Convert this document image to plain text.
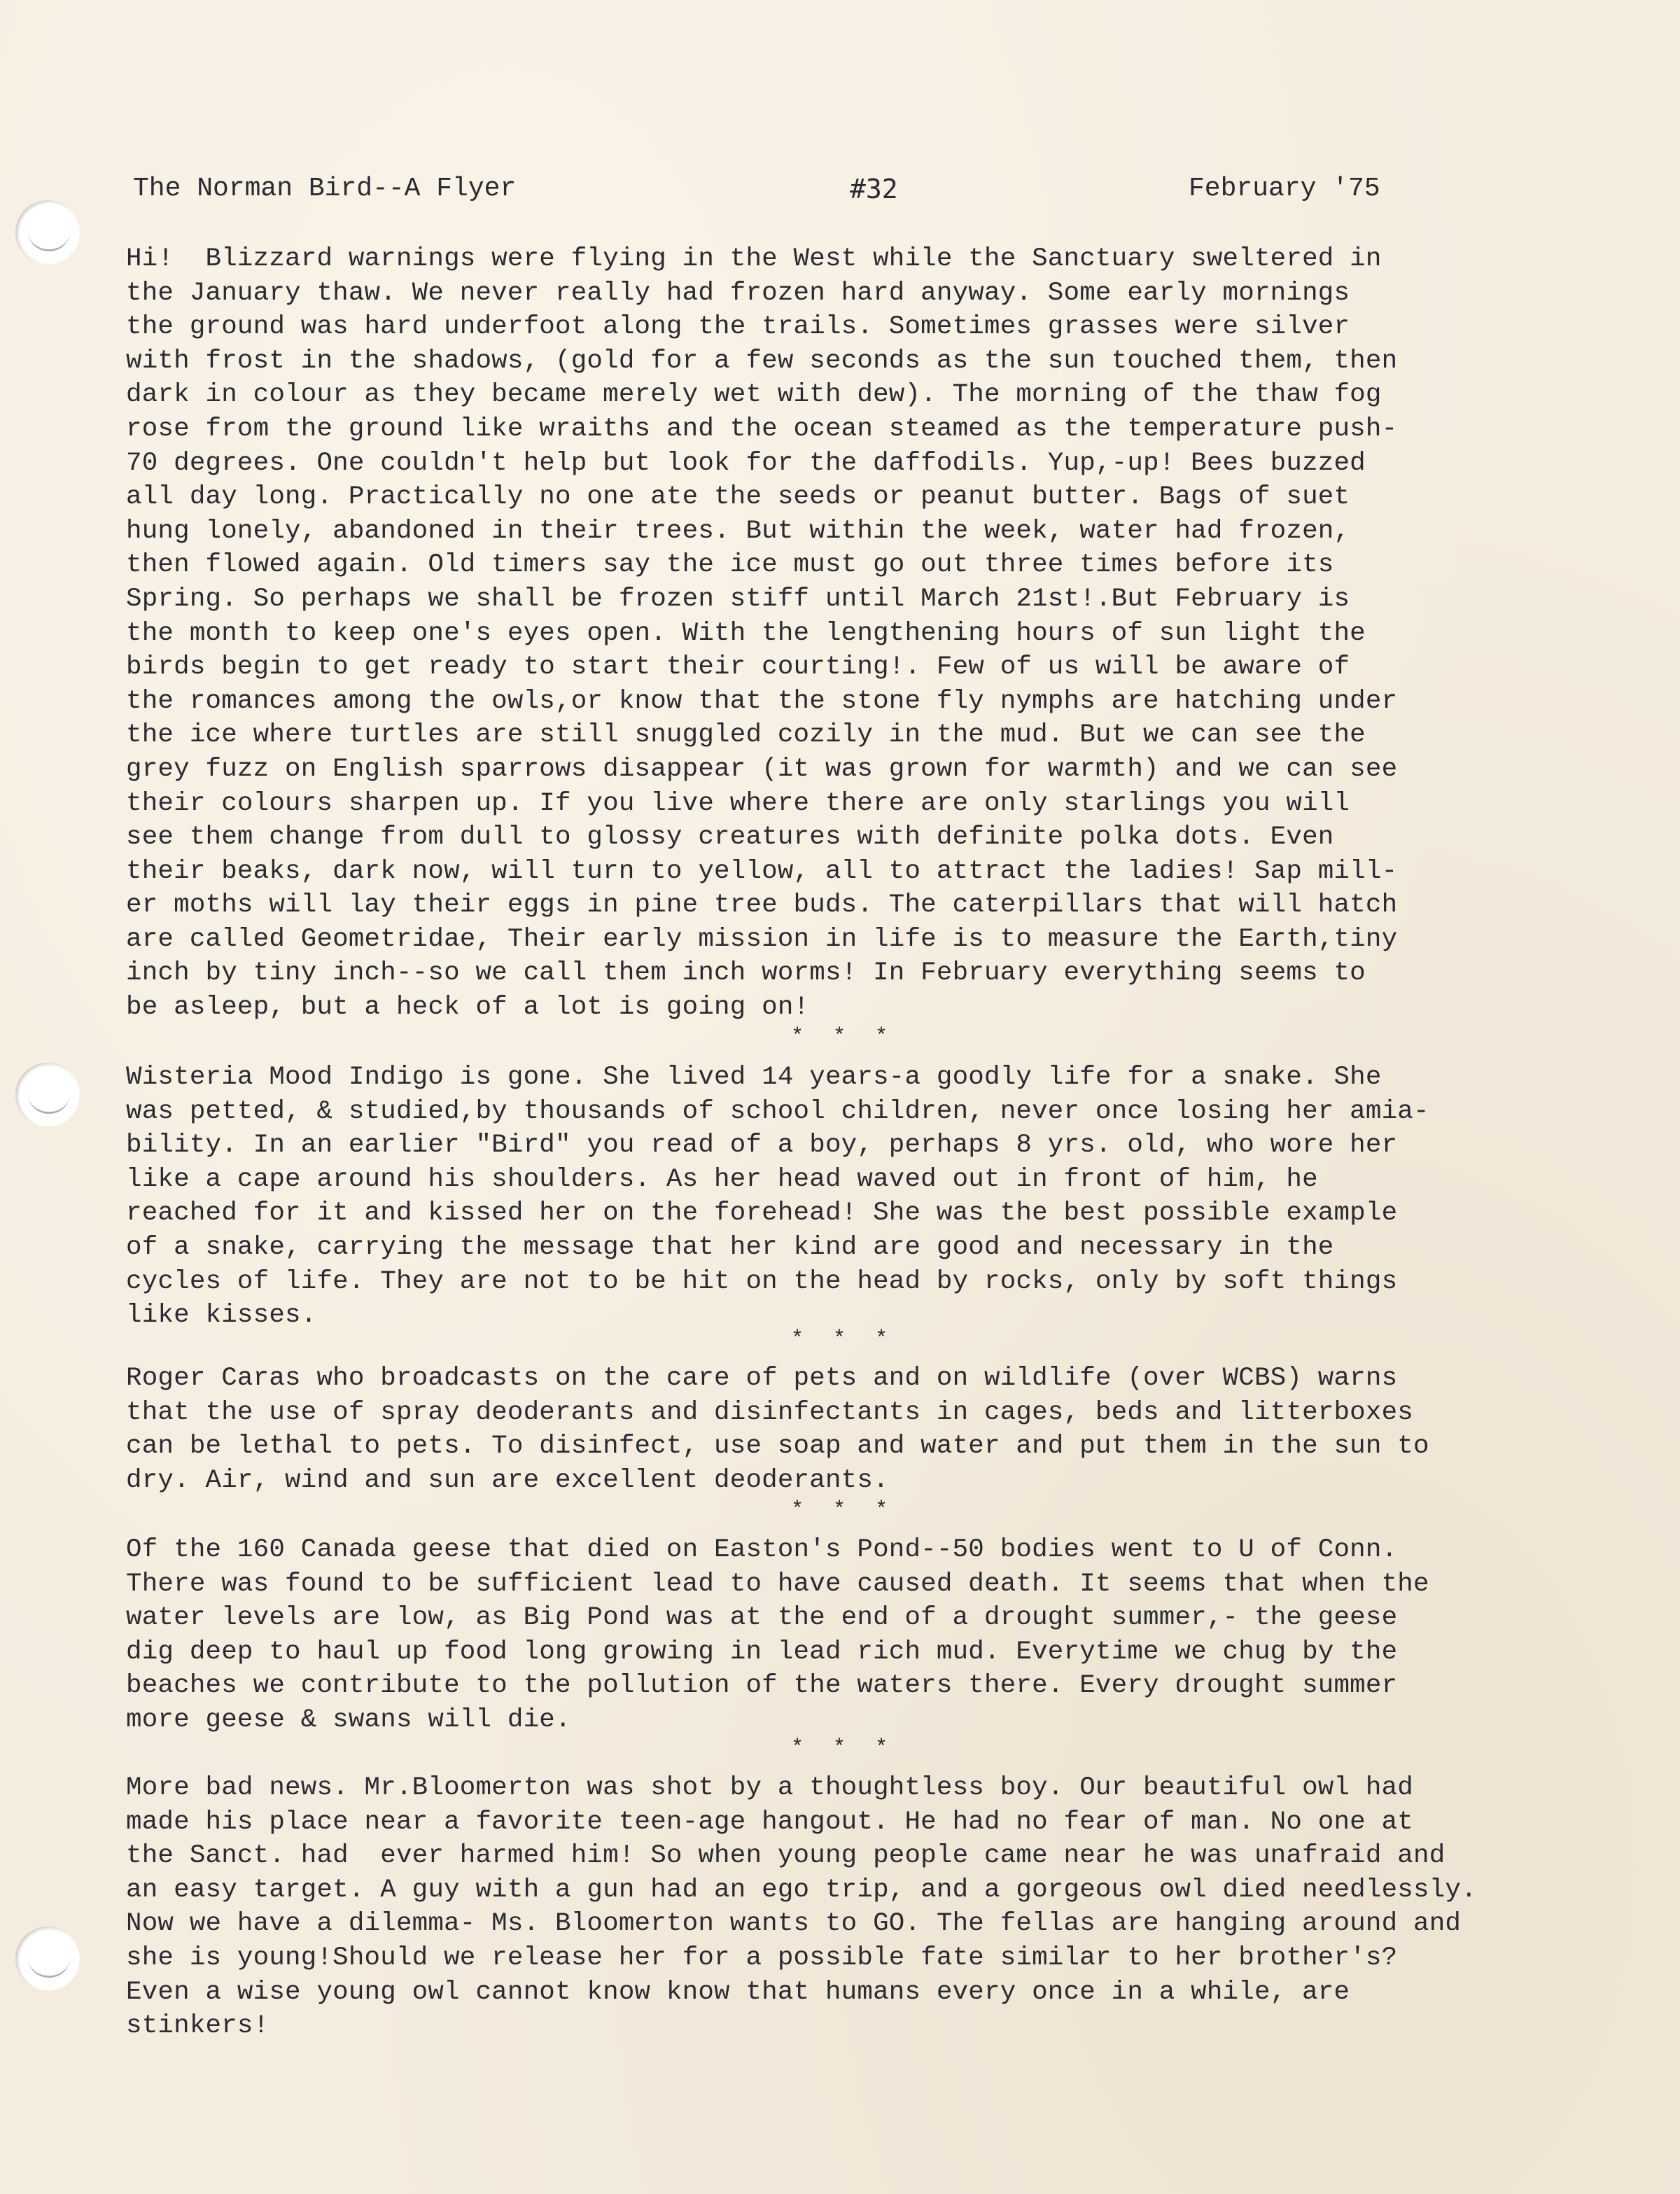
The Norman Bird--A Flyer	#32	February '75
Hi!  Blizzard warnings were flying in the West while the Sanctuary sweltered in
the January thaw. We never really had frozen hard anyway. Some early mornings
the ground was hard underfoot along the trails. Sometimes grasses were silver
with frost in the shadows, (gold for a few seconds as the sun touched them, then
dark in colour as they became merely wet with dew). The morning of the thaw fog
rose from the ground like wraiths and the ocean steamed as the temperature push-
70 degrees. One couldn't help but look for the daffodils. Yup,-up! Bees buzzed
all day long. Practically no one ate the seeds or peanut butter. Bags of suet
hung lonely, abandoned in their trees. But within the week, water had frozen,
then flowed again. Old timers say the ice must go out three times before its
Spring. So perhaps we shall be frozen stiff until March 21st!.But February is
the month to keep one's eyes open. With the lengthening hours of sun light the
birds begin to get ready to start their courting!. Few of us will be aware of
the romances among the owls,or know that the stone fly nymphs are hatching under
the ice where turtles are still snuggled cozily in the mud. But we can see the
grey fuzz on English sparrows disappear (it was grown for warmth) and we can see
their colours sharpen up. If you live where there are only starlings you will
see them change from dull to glossy creatures with definite polka dots. Even
their beaks, dark now, will turn to yellow, all to attract the ladies! Sap mill-
er moths will lay their eggs in pine tree buds. The caterpillars that will hatch
are called Geometridae, Their early mission in life is to measure the Earth,tiny
inch by tiny inch--so we call them inch worms! In February everything seems to
be asleep, but a heck of a lot is going on!
* * *
Wisteria Mood Indigo is gone. She lived 14 years-a goodly life for a snake. She
was petted, & studied,by thousands of school children, never once losing her amia-
bility. In an earlier "Bird" you read of a boy, perhaps 8 yrs. old, who wore her
like a cape around his shoulders. As her head waved out in front of him, he
reached for it and kissed her on the forehead! She was the best possible example
of a snake, carrying the message that her kind are good and necessary in the
cycles of life. They are not to be hit on the head by rocks, only by soft things
like kisses.
* * *
Roger Caras who broadcasts on the care of pets and on wildlife (over WCBS) warns
that the use of spray deoderants and disinfectants in cages, beds and litterboxes
can be lethal to pets. To disinfect, use soap and water and put them in the sun to
dry. Air, wind and sun are excellent deoderants.
* * *
Of the 160 Canada geese that died on Easton's Pond--50 bodies went to U of Conn.
There was found to be sufficient lead to have caused death. It seems that when the
water levels are low, as Big Pond was at the end of a drought summer,- the geese
dig deep to haul up food long growing in lead rich mud. Everytime we chug by the
beaches we contribute to the pollution of the waters there. Every drought summer
more geese & swans will die.
* * *
More bad news. Mr.Bloomerton was shot by a thoughtless boy. Our beautiful owl had
made his place near a favorite teen-age hangout. He had no fear of man. No one at
the Sanct. had  ever harmed him! So when young people came near he was unafraid and
an easy target. A guy with a gun had an ego trip, and a gorgeous owl died needlessly.
Now we have a dilemma- Ms. Bloomerton wants to GO. The fellas are hanging around and
she is young!Should we release her for a possible fate similar to her brother's?
Even a wise young owl cannot know know that humans every once in a while, are
stinkers!
